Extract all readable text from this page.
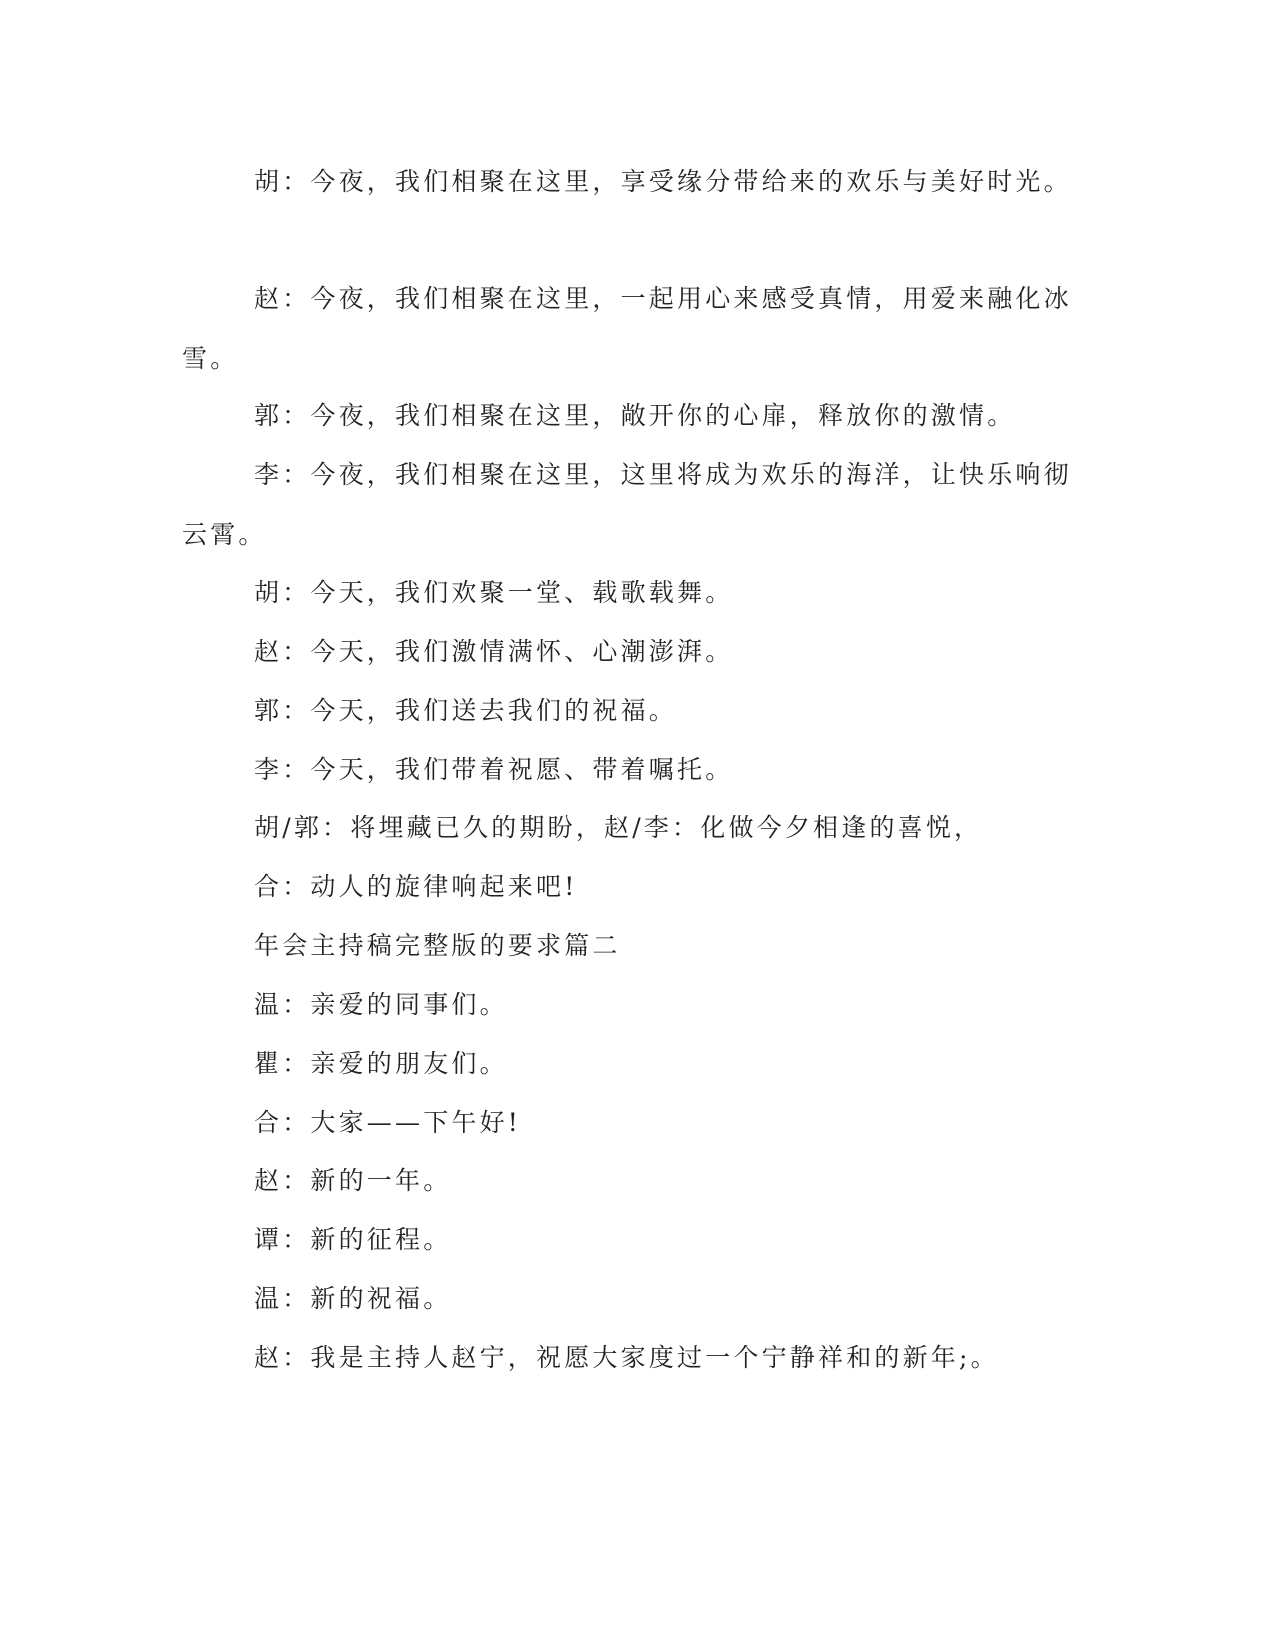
胡：今夜，我们相聚在这里，享受缘分带给来的欢乐与美好时光。

赵：今夜，我们相聚在这里，一起用心来感受真情，用爱来融化冰雪。

郭：今夜，我们相聚在这里，敞开你的心扉，释放你的激情。

李：今夜，我们相聚在这里，这里将成为欢乐的海洋，让快乐响彻云霄。

胡：今天，我们欢聚一堂、载歌载舞。

赵：今天，我们激情满怀、心潮澎湃。

郭：今天，我们送去我们的祝福。

李：今天，我们带着祝愿、带着嘱托。

胡/郭：将埋藏已久的期盼，赵/李：化做今夕相逢的喜悦，

合：动人的旋律响起来吧!

年会主持稿完整版的要求篇二

温：亲爱的同事们。

瞿：亲爱的朋友们。

合：大家——下午好!

赵：新的一年。

谭：新的征程。

温：新的祝福。

赵：我是主持人赵宁，祝愿大家度过一个宁静祥和的新年;。
